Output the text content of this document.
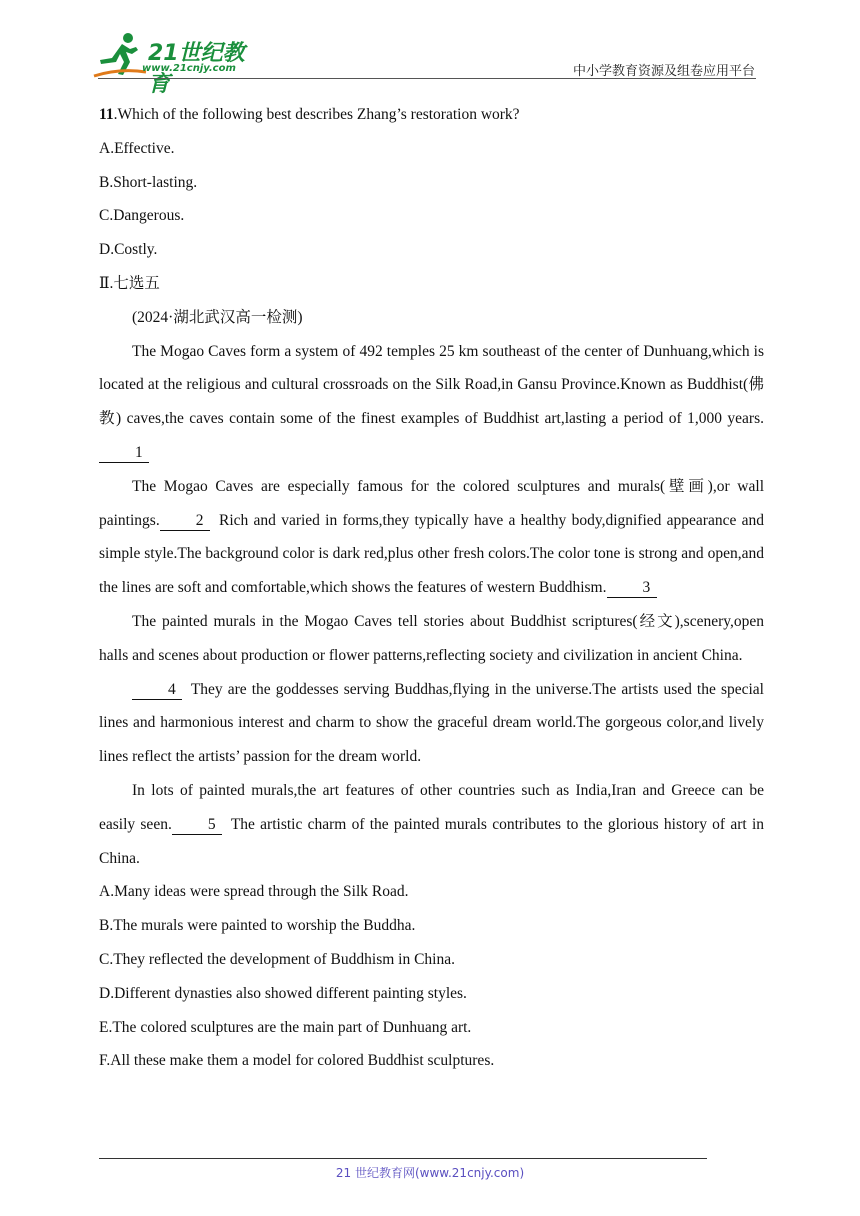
21世纪教育
www.21cnjy.com	中小学教育资源及组卷应用平台

11.Which of the following best describes Zhang’s restoration work?

A.Effective.

B.Short-lasting.

C.Dangerous.

D.Costly.

Ⅱ.七选五

(2024·湖北武汉高一检测)

The Mogao Caves form a system of 492 temples 25 km southeast of the center of Dunhuang,which is located at the religious and cultural crossroads on the Silk Road,in Gansu Province.Known as Buddhist(佛教) caves,the caves contain some of the finest examples of Buddhist art,lasting a period of 1,000 years.1

The Mogao Caves are especially famous for the colored sculptures and murals(壁画),or wall paintings. 2 Rich and varied in forms,they typically have a healthy body,dignified appearance and simple style.The background color is dark red,plus other fresh colors.The color tone is strong and open,and the lines are soft and comfortable,which shows the features of western Buddhism. 3

The painted murals in the Mogao Caves tell stories about Buddhist scriptures(经文),scenery,open halls and scenes about production or flower patterns,reflecting society and civilization in ancient China.

4 They are the goddesses serving Buddhas,flying in the universe.The artists used the special lines and harmonious interest and charm to show the graceful dream world.The gorgeous color,and lively lines reflect the artists’ passion for the dream world.

In lots of painted murals,the art features of other countries such as India,Iran and Greece can be easily seen. 5 The artistic charm of the painted murals contributes to the glorious history of art in China.

A.Many ideas were spread through the Silk Road.

B.The murals were painted to worship the Buddha.

C.They reflected the development of Buddhism in China.

D.Different dynasties also showed different painting styles.

E.The colored sculptures are the main part of Dunhuang art.

F.All these make them a model for colored Buddhist sculptures.

21 世纪教育网(www.21cnjy.com)
